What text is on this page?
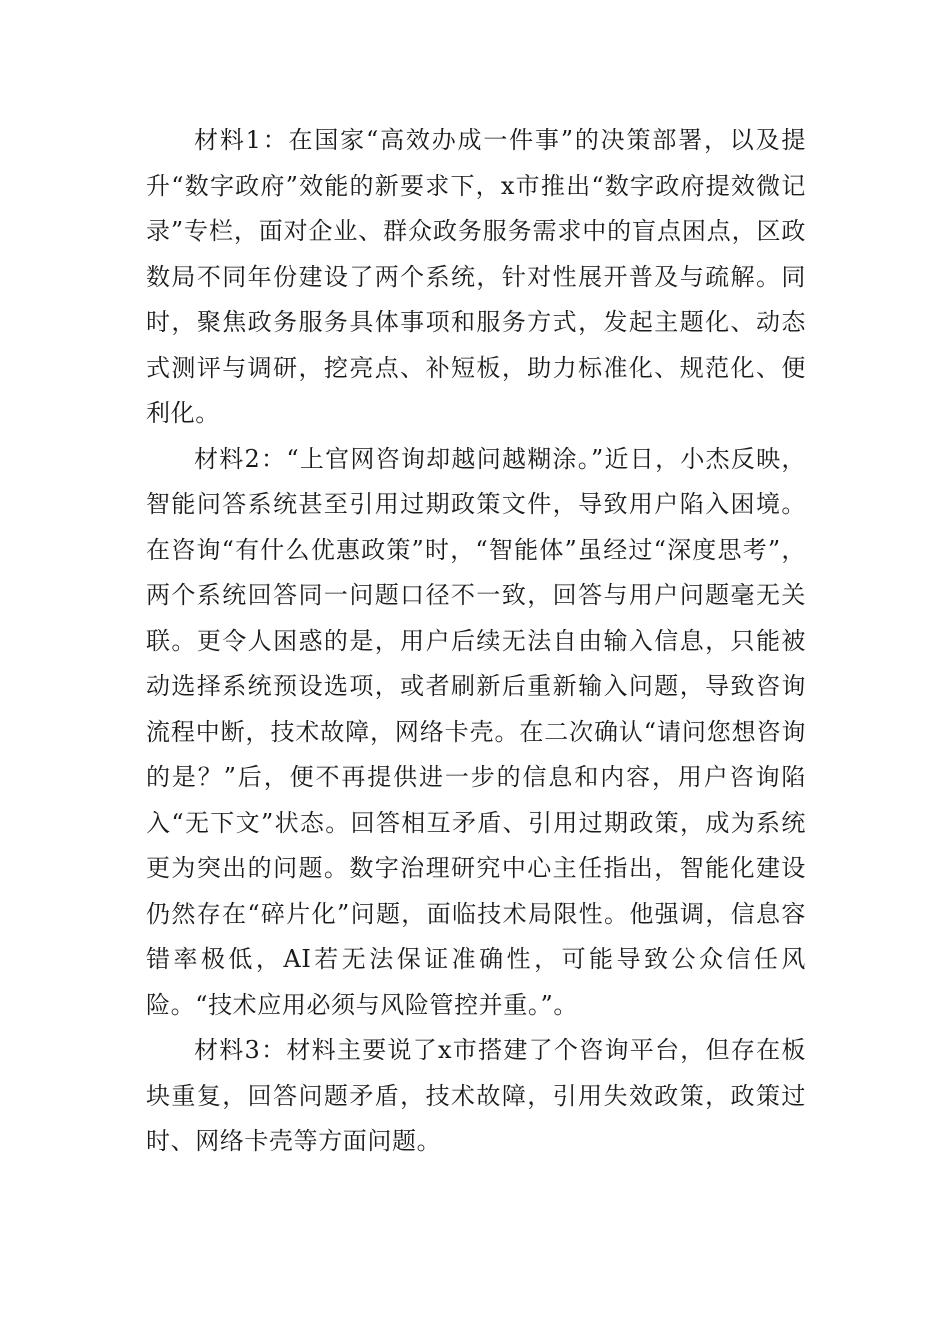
材料1：在国家“高效办成一件事”的决策部署，以及提升“数字政府”效能的新要求下，x市推出“数字政府提效微记录”专栏，面对企业、群众政务服务需求中的盲点困点，区政数局不同年份建设了两个系统，针对性展开普及与疏解。同时，聚焦政务服务具体事项和服务方式，发起主题化、动态式测评与调研，挖亮点、补短板，助力标准化、规范化、便利化。

材料2：“上官网咨询却越问越糊涂。”近日，小杰反映，智能问答系统甚至引用过期政策文件，导致用户陷入困境。在咨询“有什么优惠政策”时，“智能体”虽经过“深度思考”，两个系统回答同一问题口径不一致，回答与用户问题毫无关联。更令人困惑的是，用户后续无法自由输入信息，只能被动选择系统预设选项，或者刷新后重新输入问题，导致咨询流程中断，技术故障，网络卡壳。在二次确认“请问您想咨询的是？”后，便不再提供进一步的信息和内容，用户咨询陷入“无下文”状态。回答相互矛盾、引用过期政策，成为系统更为突出的问题。数字治理研究中心主任指出，智能化建设仍然存在“碎片化”问题，面临技术局限性。他强调，信息容错率极低，AI若无法保证准确性，可能导致公众信任风险。“技术应用必须与风险管控并重。”。

材料3：材料主要说了x市搭建了个咨询平台，但存在板块重复，回答问题矛盾，技术故障，引用失效政策，政策过时、网络卡壳等方面问题。
